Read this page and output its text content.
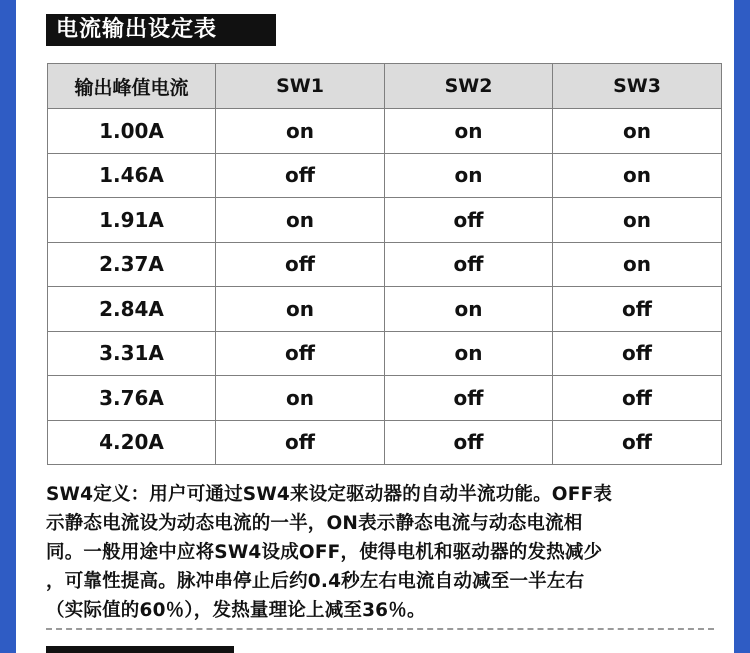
电流输出设定表
输出峰值电流	SW1	SW2	SW3
1.00A	on	on	on
1.46A	off	on	on
1.91A	on	off	on
2.37A	off	off	on
2.84A	on	on	off
3.31A	off	on	off
3.76A	on	off	off
4.20A	off	off	off
SW4定义：用户可通过SW4来设定驱动器的自动半流功能。OFF表
示静态电流设为动态电流的一半，ON表示静态电流与动态电流相
同。一般用途中应将SW4设成OFF，使得电机和驱动器的发热减少
，可靠性提高。脉冲串停止后约0.4秒左右电流自动减至一半左右
（实际值的60％），发热量理论上减至36％。
